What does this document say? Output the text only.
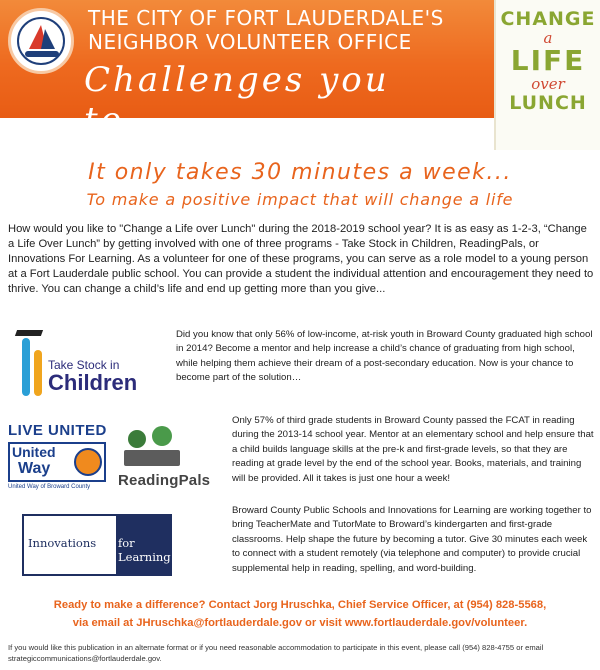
THE CITY OF FORT LAUDERDALE'S
NEIGHBOR VOLUNTEER OFFICE
Challenges you to...
CHANGE
a
LIFE
over
LUNCH
It only takes 30 minutes a week...
To make a positive impact that will change a life
How would you like to "Change a Life over Lunch" during the 2018-2019 school year? It is as easy as 1-2-3, “Change a Life Over Lunch” by getting involved with one of three programs - Take Stock in Children, ReadingPals, or Innovations For Learning. As a volunteer for one of these programs, you can serve as a role model to a young person at a Fort Lauderdale public school. You can provide a student the individual attention and encouragement they need to thrive. You can change a child’s life and end up getting more than you give...
Take Stock in
Children
Did you know that only 56% of low-income, at-risk youth in Broward County graduated high school in 2014? Become a mentor and help increase a child’s chance of graduating from high school, while helping them achieve their dream of a post-secondary education. Now is your chance to become part of the solution…
LIVE UNITED
United
Way
United Way of Broward County ReadingPals
Only 57% of third grade students in Broward County passed the FCAT in reading during the 2013-14 school year. Mentor at an elementary school and help ensure that a child builds language skills at the pre-k and first-grade levels, so that they are reading at grade level by the end of the school year. Books, materials, and training will be provided. All it takes is just one hour a week!
Innovations for Learning
Broward County Public Schools and Innovations for Learning are working together to bring TeacherMate and TutorMate to Broward’s kindergarten and first-grade classrooms. Help shape the future by becoming a tutor. Give 30 minutes each week to connect with a student remotely (via telephone and computer) to provide crucial supplemental help in reading, spelling, and word-building.
Ready to make a difference? Contact Jorg Hruschka, Chief Service Officer, at (954) 828-5568,
via email at JHruschka@fortlauderdale.gov or visit www.fortlauderdale.gov/volunteer.
If you would like this publication in an alternate format or if you need reasonable accommodation to participate in this event, please call (954) 828-4755 or email strategiccommunications@fortlauderdale.gov.
